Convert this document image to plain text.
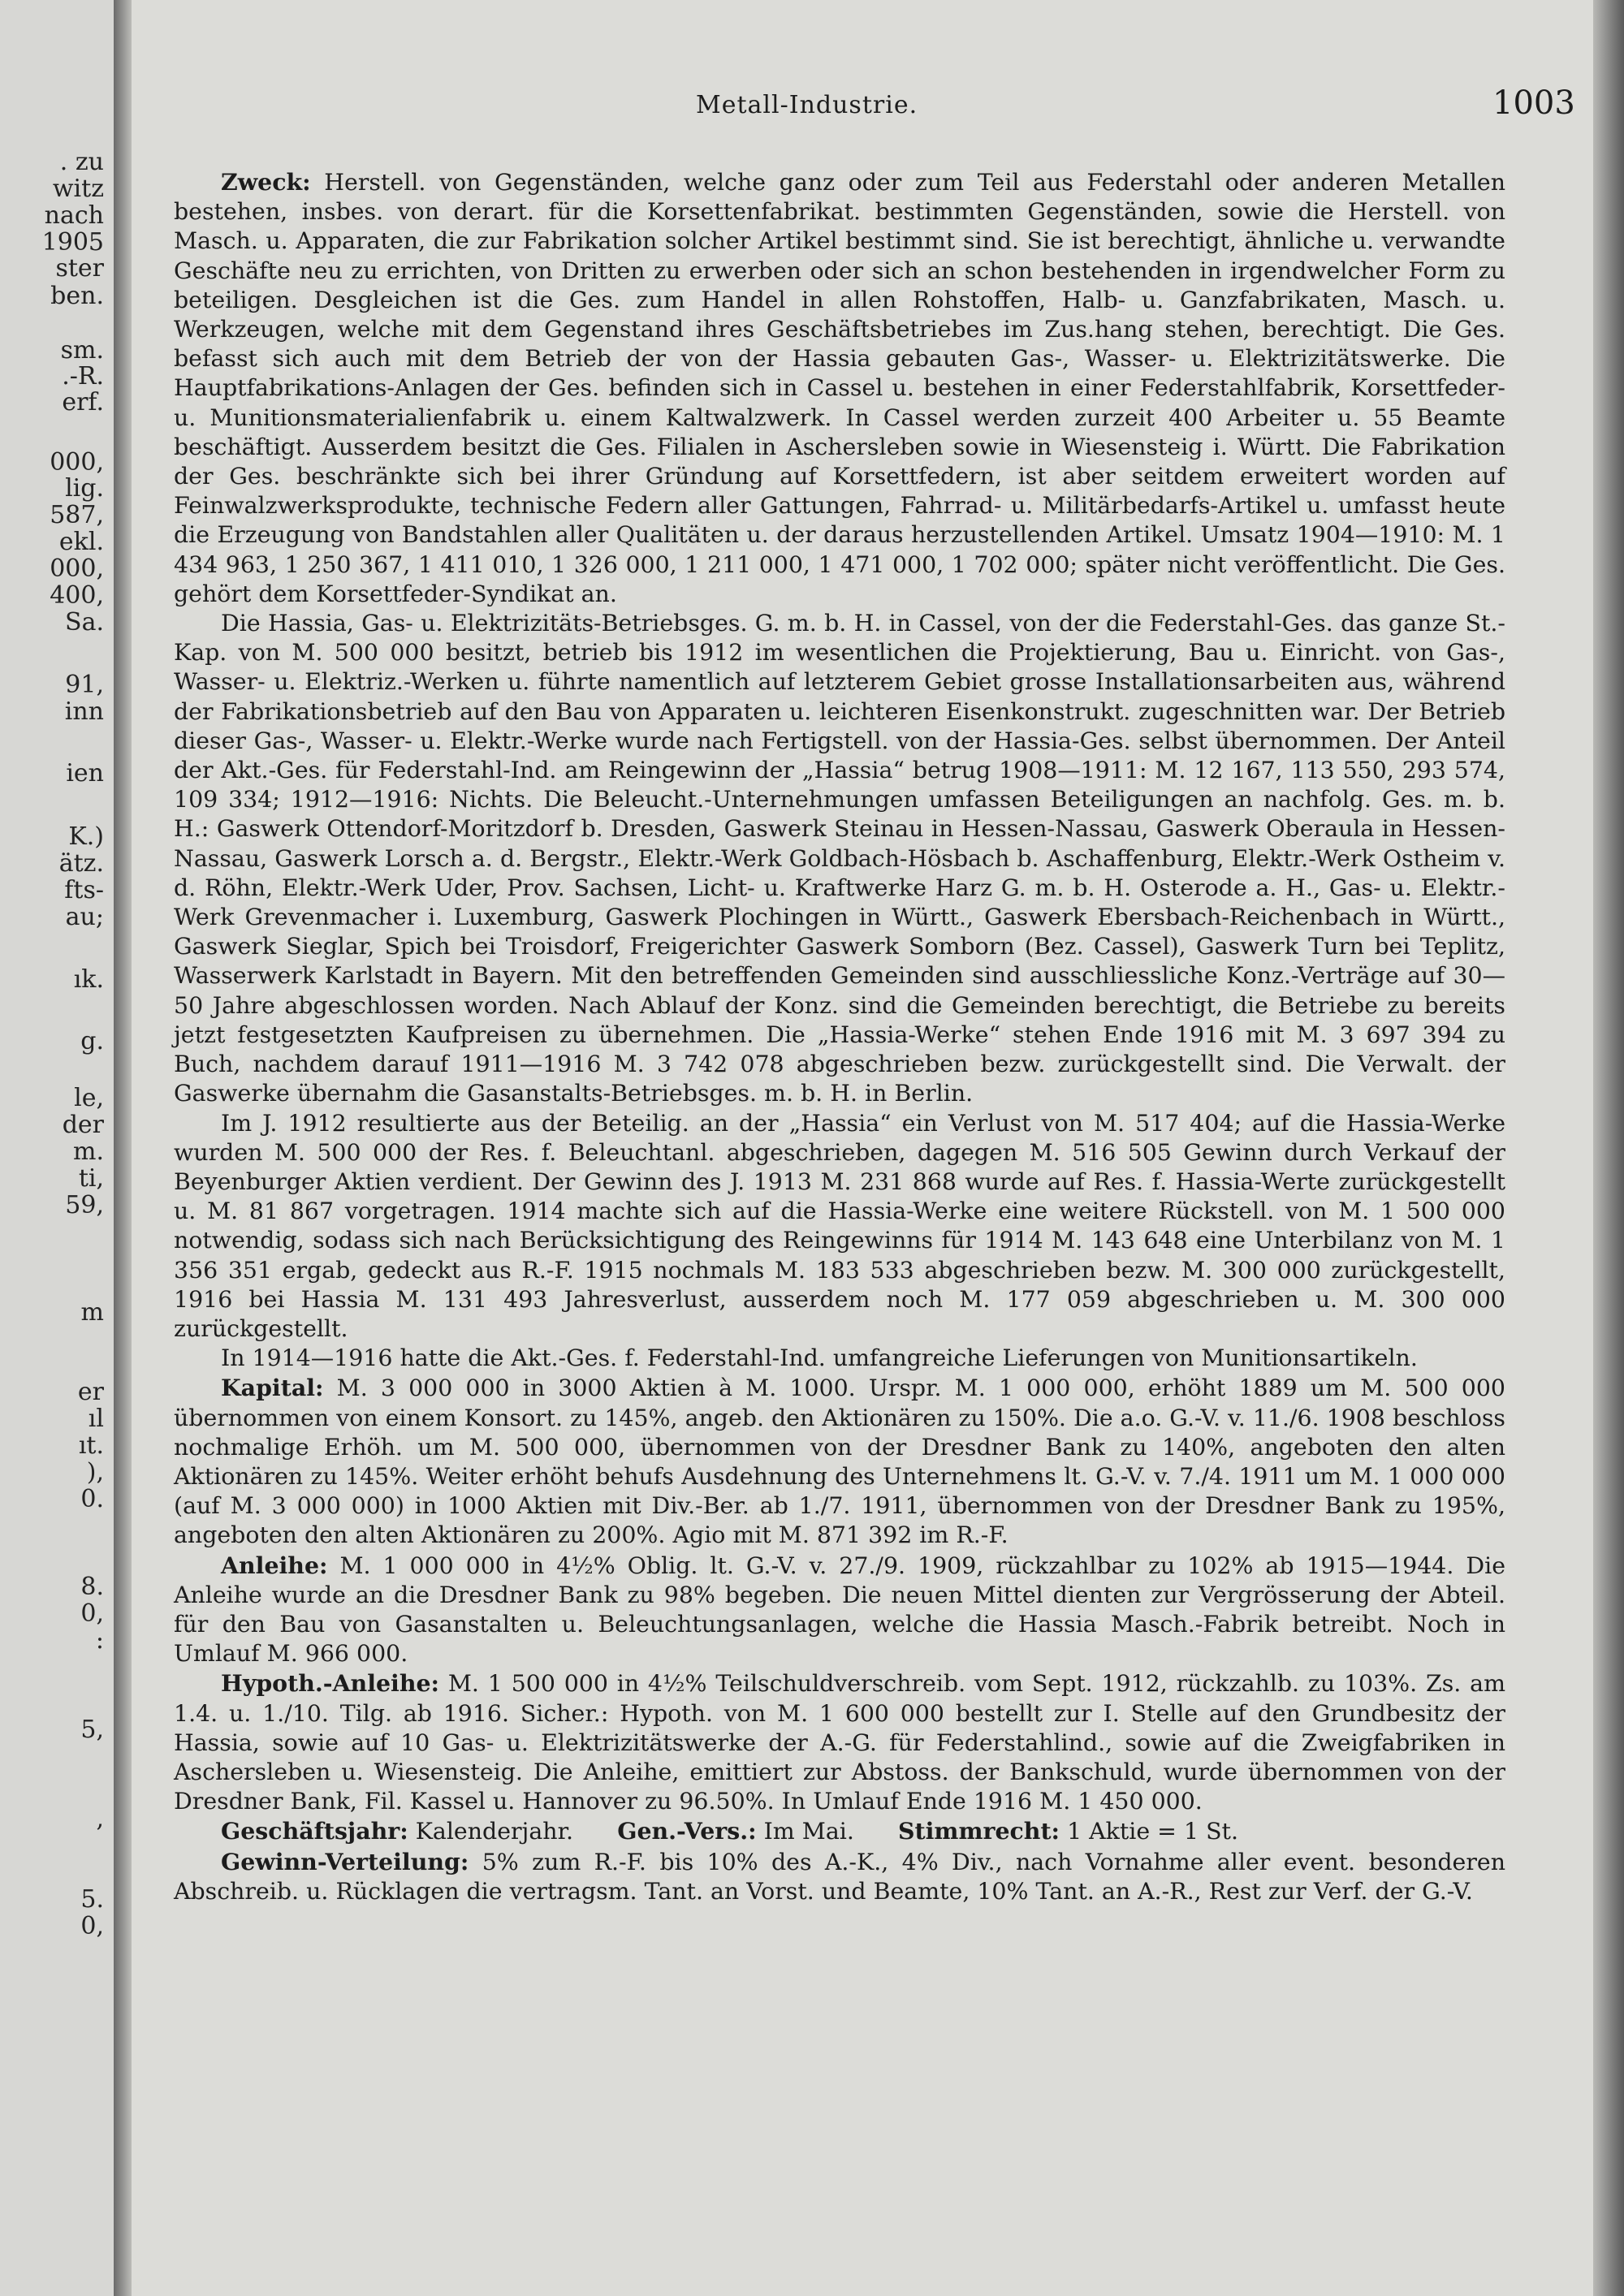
. zu
witz
nach
1905
ster
ben.
sm.
.-R.
erf.
000,
lig.
587,
ekl.
000,
400,
Sa.
91,
inn
ien
K.)
ätz.
fts-
au;
ık.
g.
le,
der
m.
ti,
59,
m
er
ıl
ıt.
),
0.
8.
0,
:
5,
,
5.
0,
Metall-Industrie.	1003

Zweck: Herstell. von Gegenständen, welche ganz oder zum Teil aus Federstahl oder anderen Metallen bestehen, insbes. von derart. für die Korsettenfabrikat. bestimmten Gegenständen, sowie die Herstell. von Masch. u. Apparaten, die zur Fabrikation solcher Artikel bestimmt sind. Sie ist berechtigt, ähnliche u. verwandte Geschäfte neu zu errichten, von Dritten zu erwerben oder sich an schon bestehenden in irgendwelcher Form zu beteiligen. Desgleichen ist die Ges. zum Handel in allen Rohstoffen, Halb- u. Ganzfabrikaten, Masch. u. Werkzeugen, welche mit dem Gegenstand ihres Geschäftsbetriebes im Zus.hang stehen, berechtigt. Die Ges. befasst sich auch mit dem Betrieb der von der Hassia gebauten Gas-, Wasser- u. Elektrizitätswerke. Die Hauptfabrikations-Anlagen der Ges. befinden sich in Cassel u. bestehen in einer Federstahlfabrik, Korsettfeder- u. Munitionsmaterialienfabrik u. einem Kaltwalzwerk. In Cassel werden zurzeit 400 Arbeiter u. 55 Beamte beschäftigt. Ausserdem besitzt die Ges. Filialen in Aschersleben sowie in Wiesensteig i. Württ. Die Fabrikation der Ges. beschränkte sich bei ihrer Gründung auf Korsettfedern, ist aber seitdem erweitert worden auf Feinwalzwerksprodukte, technische Federn aller Gattungen, Fahrrad- u. Militärbedarfs-Artikel u. umfasst heute die Erzeugung von Bandstahlen aller Qualitäten u. der daraus herzustellenden Artikel. Umsatz 1904—1910: M. 1 434 963, 1 250 367, 1 411 010, 1 326 000, 1 211 000, 1 471 000, 1 702 000; später nicht veröffentlicht. Die Ges. gehört dem Korsettfeder-Syndikat an.

Die Hassia, Gas- u. Elektrizitäts-Betriebsges. G. m. b. H. in Cassel, von der die Federstahl-Ges. das ganze St.-Kap. von M. 500 000 besitzt, betrieb bis 1912 im wesentlichen die Projektierung, Bau u. Einricht. von Gas-, Wasser- u. Elektriz.-Werken u. führte namentlich auf letzterem Gebiet grosse Installationsarbeiten aus, während der Fabrikationsbetrieb auf den Bau von Apparaten u. leichteren Eisenkonstrukt. zugeschnitten war. Der Betrieb dieser Gas-, Wasser- u. Elektr.-Werke wurde nach Fertigstell. von der Hassia-Ges. selbst übernommen. Der Anteil der Akt.-Ges. für Federstahl-Ind. am Reingewinn der „Hassia“ betrug 1908—1911: M. 12 167, 113 550, 293 574, 109 334; 1912—1916: Nichts. Die Beleucht.-Unternehmungen umfassen Beteiligungen an nachfolg. Ges. m. b. H.: Gaswerk Ottendorf-Moritzdorf b. Dresden, Gaswerk Steinau in Hessen-Nassau, Gaswerk Oberaula in Hessen-Nassau, Gaswerk Lorsch a. d. Bergstr., Elektr.-Werk Goldbach-Hösbach b. Aschaffenburg, Elektr.-Werk Ostheim v. d. Röhn, Elektr.-Werk Uder, Prov. Sachsen, Licht- u. Kraftwerke Harz G. m. b. H. Osterode a. H., Gas- u. Elektr.-Werk Grevenmacher i. Luxemburg, Gaswerk Plochingen in Württ., Gaswerk Ebersbach-Reichenbach in Württ., Gaswerk Sieglar, Spich bei Troisdorf, Freigerichter Gaswerk Somborn (Bez. Cassel), Gaswerk Turn bei Teplitz, Wasserwerk Karlstadt in Bayern. Mit den betreffenden Gemeinden sind ausschliessliche Konz.-Verträge auf 30—50 Jahre abgeschlossen worden. Nach Ablauf der Konz. sind die Gemeinden berechtigt, die Betriebe zu bereits jetzt festgesetzten Kaufpreisen zu übernehmen. Die „Hassia-Werke“ stehen Ende 1916 mit M. 3 697 394 zu Buch, nachdem darauf 1911—1916 M. 3 742 078 abgeschrieben bezw. zurückgestellt sind. Die Verwalt. der Gaswerke übernahm die Gasanstalts-Betriebsges. m. b. H. in Berlin.

Im J. 1912 resultierte aus der Beteilig. an der „Hassia“ ein Verlust von M. 517 404; auf die Hassia-Werke wurden M. 500 000 der Res. f. Beleuchtanl. abgeschrieben, dagegen M. 516 505 Gewinn durch Verkauf der Beyenburger Aktien verdient. Der Gewinn des J. 1913 M. 231 868 wurde auf Res. f. Hassia-Werte zurückgestellt u. M. 81 867 vorgetragen. 1914 machte sich auf die Hassia-Werke eine weitere Rückstell. von M. 1 500 000 notwendig, sodass sich nach Berücksichtigung des Reingewinns für 1914 M. 143 648 eine Unterbilanz von M. 1 356 351 ergab, gedeckt aus R.-F. 1915 nochmals M. 183 533 abgeschrieben bezw. M. 300 000 zurückgestellt, 1916 bei Hassia M. 131 493 Jahresverlust, ausserdem noch M. 177 059 abgeschrieben u. M. 300 000 zurückgestellt.

In 1914—1916 hatte die Akt.-Ges. f. Federstahl-Ind. umfangreiche Lieferungen von Munitionsartikeln.

Kapital: M. 3 000 000 in 3000 Aktien à M. 1000. Urspr. M. 1 000 000, erhöht 1889 um M. 500 000 übernommen von einem Konsort. zu 145%, angeb. den Aktionären zu 150%. Die a.o. G.-V. v. 11./6. 1908 beschloss nochmalige Erhöh. um M. 500 000, übernommen von der Dresdner Bank zu 140%, angeboten den alten Aktionären zu 145%. Weiter erhöht behufs Ausdehnung des Unternehmens lt. G.-V. v. 7./4. 1911 um M. 1 000 000 (auf M. 3 000 000) in 1000 Aktien mit Div.-Ber. ab 1./7. 1911, übernommen von der Dresdner Bank zu 195%, angeboten den alten Aktionären zu 200%. Agio mit M. 871 392 im R.-F.

Anleihe: M. 1 000 000 in 4½% Oblig. lt. G.-V. v. 27./9. 1909, rückzahlbar zu 102% ab 1915—1944. Die Anleihe wurde an die Dresdner Bank zu 98% begeben. Die neuen Mittel dienten zur Vergrösserung der Abteil. für den Bau von Gasanstalten u. Beleuchtungsanlagen, welche die Hassia Masch.-Fabrik betreibt. Noch in Umlauf M. 966 000.

Hypoth.-Anleihe: M. 1 500 000 in 4½% Teilschuldverschreib. vom Sept. 1912, rückzahlb. zu 103%. Zs. am 1.4. u. 1./10. Tilg. ab 1916. Sicher.: Hypoth. von M. 1 600 000 bestellt zur I. Stelle auf den Grundbesitz der Hassia, sowie auf 10 Gas- u. Elektrizitätswerke der A.-G. für Federstahlind., sowie auf die Zweigfabriken in Aschersleben u. Wiesensteig. Die Anleihe, emittiert zur Abstoss. der Bankschuld, wurde übernommen von der Dresdner Bank, Fil. Kassel u. Hannover zu 96.50%. In Umlauf Ende 1916 M. 1 450 000.

Geschäftsjahr: Kalenderjahr. Gen.-Vers.: Im Mai. Stimmrecht: 1 Aktie = 1 St.

Gewinn-Verteilung: 5% zum R.-F. bis 10% des A.-K., 4% Div., nach Vornahme aller event. besonderen Abschreib. u. Rücklagen die vertragsm. Tant. an Vorst. und Beamte, 10% Tant. an A.-R., Rest zur Verf. der G.-V.
